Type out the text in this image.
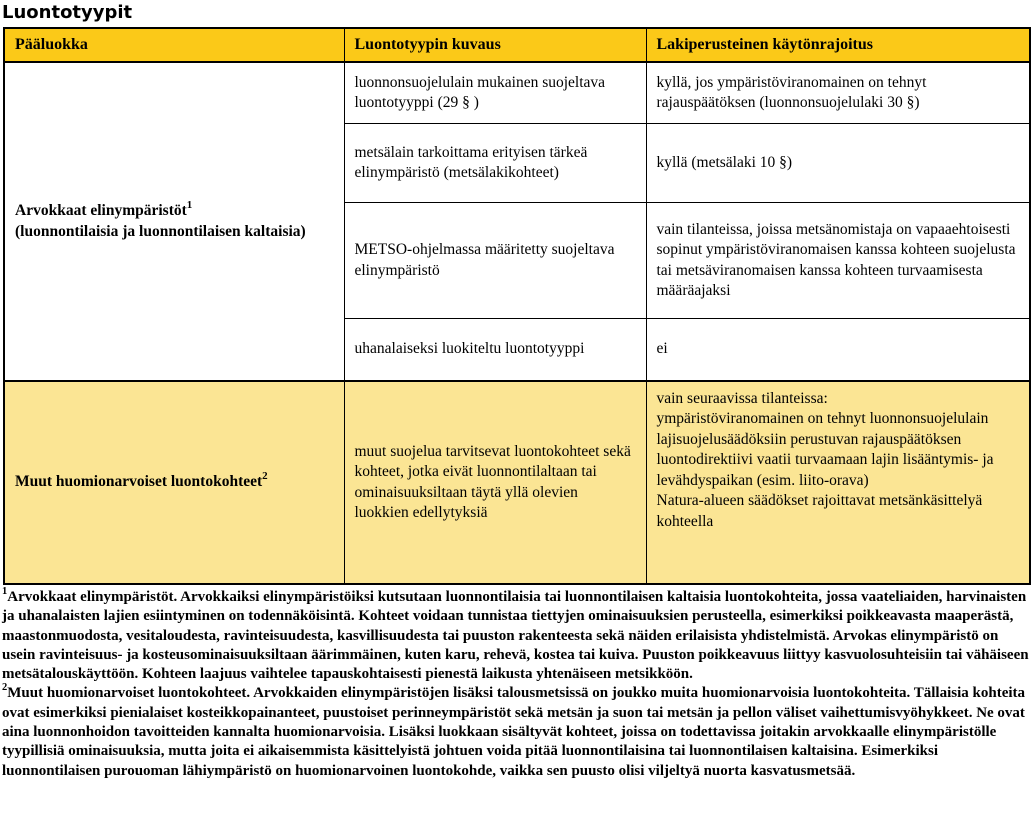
Luontotyypit
Pääluokka	Luontotyypin kuvaus	Lakiperusteinen käytönrajoitus

Arvokkaat elinympäristöt$^1$
(luonnontilaisia ja luonnontilaisen kaltaisia)	luonnonsuojelulain mukainen suojeltava luontotyyppi (29 § )	kyllä, jos ympäristöviranomainen on tehnyt rajauspäätöksen (luonnonsuojelulaki 30 §)
	metsälain tarkoittama erityisen tärkeä elinympäristö (metsälakikohteet)	kyllä (metsälaki 10 §)
	METSO-ohjelmassa määritetty suojeltava elinympäristö	vain tilanteissa, joissa metsänomistaja on vapaaehtoisesti sopinut ympäristöviranomaisen kanssa kohteen suojelusta tai metsäviranomaisen kanssa kohteen turvaamisesta määräajaksi
	uhanalaiseksi luokiteltu luontotyyppi	ei

Muut huomionarvoiset luontokohteet$^2$	muut suojelua tarvitsevat luontokohteet sekä kohteet, jotka eivät luonnontilaltaan tai ominaisuuksiltaan täytä yllä olevien luokkien edellytyksiä	vain seuraavissa tilanteissa:
ympäristöviranomainen on tehnyt luonnonsuojelulain lajisuojelusäädöksiin perustuvan rajauspäätöksen
luontodirektiivi vaatii turvaamaan lajin lisääntymis- ja levähdyspaikan (esim. liito-orava)
Natura-alueen säädökset rajoittavat metsänkäsittelyä kohteella

$^1$Arvokkaat elinympäristöt. Arvokkaiksi elinympäristöiksi kutsutaan luonnontilaisia tai luonnontilaisen kaltaisia luontokohteita, jossa vaateliaiden, harvinaisten ja uhanalaisten lajien esiintyminen on todennäköisintä. Kohteet voidaan tunnistaa tiettyjen ominaisuuksien perusteella, esimerkiksi poikkeavasta maaperästä, maastonmuodosta, vesitaloudesta, ravinteisuudesta, kasvillisuudesta tai puuston rakenteesta sekä näiden erilaisista yhdistelmistä. Arvokas elinympäristö on usein ravinteisuus- ja kosteusominaisuuksiltaan äärimmäinen, kuten karu, rehevä, kostea tai kuiva. Puuston poikkeavuus liittyy kasvuolosuhteisiin tai vähäiseen metsätalouskäyttöön. Kohteen laajuus vaihtelee tapauskohtaisesti pienestä laikusta yhtenäiseen metsikköön.

$^2$Muut huomionarvoiset luontokohteet. Arvokkaiden elinympäristöjen lisäksi talousmetsissä on joukko muita huomionarvoisia luontokohteita. Tällaisia kohteita ovat esimerkiksi pienialaiset kosteikkopainanteet, puustoiset perinneympäristöt sekä metsän ja suon tai metsän ja pellon väliset vaihettumisvyöhykkeet. Ne ovat aina luonnonhoidon tavoitteiden kannalta huomionarvoisia. Lisäksi luokkaan sisältyvät kohteet, joissa on todettavissa joitakin arvokkaalle elinympäristölle tyypillisiä ominaisuuksia, mutta joita ei aikaisemmista käsittelyistä johtuen voida pitää luonnontilaisina tai luonnontilaisen kaltaisina. Esimerkiksi luonnontilaisen purouoman lähiympäristö on huomionarvoinen luontokohde, vaikka sen puusto olisi viljeltyä nuorta kasvatusmetsää.
